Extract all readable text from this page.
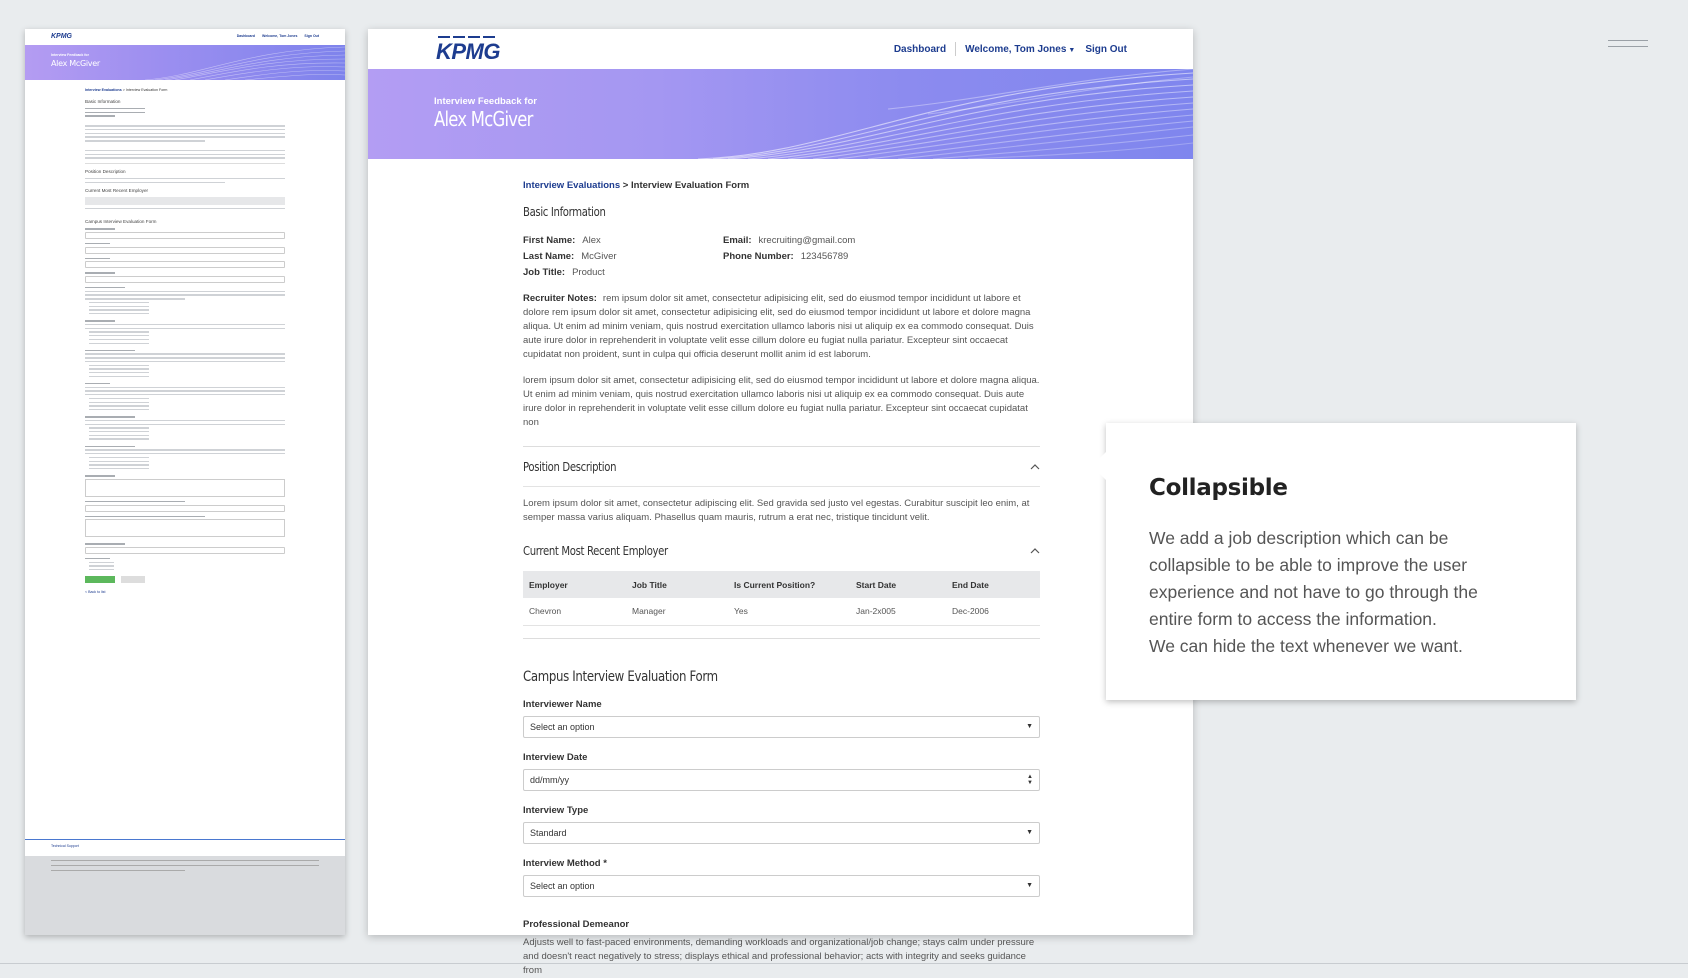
KPMG	Dashboard Welcome, Tom Jones Sign Out
Interview Feedback for
Alex McGiver
Interview Evaluations > Interview Evaluation Form
Basic Information
Position Description
Current Most Recent Employer
Campus Interview Evaluation Form
< Back to list
Technical Support
KPMG	Dashboard Welcome, Tom Jones ▼ Sign Out
Interview Feedback for
Alex McGiver
Interview Evaluations > Interview Evaluation Form
Basic Information
First Name: Alex	Email: krecruiting@gmail.com
Last Name: McGiver	Phone Number: 123456789
Job Title: Product

Recruiter Notes: rem ipsum dolor sit amet, consectetur adipisicing elit, sed do eiusmod tempor incididunt ut labore et dolore rem ipsum dolor sit amet, consectetur adipisicing elit, sed do eiusmod tempor incididunt ut labore et dolore magna aliqua. Ut enim ad minim veniam, quis nostrud exercitation ullamco laboris nisi ut aliquip ex ea commodo consequat. Duis aute irure dolor in reprehenderit in voluptate velit esse cillum dolore eu fugiat nulla pariatur. Excepteur sint occaecat cupidatat non proident, sunt in culpa qui officia deserunt mollit anim id est laborum.

lorem ipsum dolor sit amet, consectetur adipisicing elit, sed do eiusmod tempor incididunt ut labore et dolore magna aliqua. Ut enim ad minim veniam, quis nostrud exercitation ullamco laboris nisi ut aliquip ex ea commodo consequat. Duis aute irure dolor in reprehenderit in voluptate velit esse cillum dolore eu fugiat nulla pariatur. Excepteur sint occaecat cupidatat non

Position Description
Lorem ipsum dolor sit amet, consectetur adipiscing elit. Sed gravida sed justo vel egestas. Curabitur suscipit leo enim, at semper massa varius aliquam. Phasellus quam mauris, rutrum a erat nec, tristique tincidunt velit.
Current Most Recent Employer
Employer	Job Title	Is Current Position?	Start Date	End Date
Chevron	Manager	Yes	Jan-2x005	Dec-2006
Campus Interview Evaluation Form
Interviewer Name
Select an option	▼
Interview Date
dd/mm/yy	▲
▼
Interview Type
Standard	▼
Interview Method *
Select an option	▼
Professional Demeanor
Adjusts well to fast-paced environments, demanding workloads and organizational/job change; stays calm under pressure and doesn't react negatively to stress; displays ethical and professional behavior; acts with integrity and seeks guidance from
Collapsible
We add a job description which can be
collapsible to be able to improve the user
experience and not have to go through the
entire form to access the information.
We can hide the text whenever we want.
